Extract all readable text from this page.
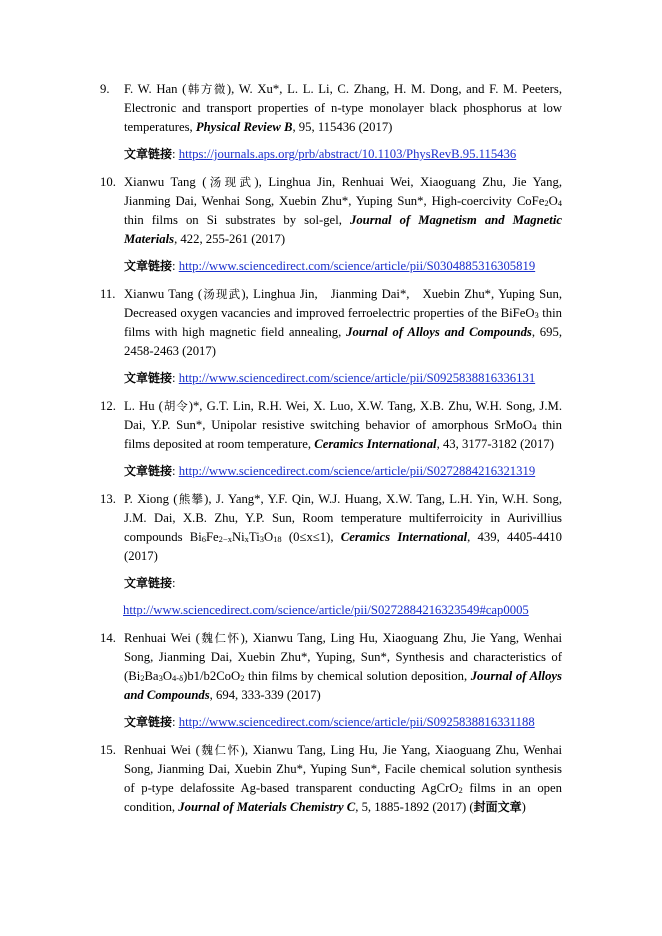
9. F. W. Han (韩方微), W. Xu*, L. L. Li, C. Zhang, H. M. Dong, and F. M. Peeters, Electronic and transport properties of n-type monolayer black phosphorus at low temperatures, Physical Review B, 95, 115436 (2017)

文章链接: https://journals.aps.org/prb/abstract/10.1103/PhysRevB.95.115436

10. Xianwu Tang (汤现武), Linghua Jin, Renhuai Wei, Xiaoguang Zhu, Jie Yang, Jianming Dai, Wenhai Song, Xuebin Zhu*, Yuping Sun*, High-coercivity $CoFe_2O_4$ thin films on Si substrates by sol-gel, Journal of Magnetism and Magnetic Materials, 422, 255-261 (2017)

文章链接: http://www.sciencedirect.com/science/article/pii/S0304885316305819

11. Xianwu Tang (汤现武), Linghua Jin,   Jianming Dai*,   Xuebin Zhu*, Yuping Sun, Decreased oxygen vacancies and improved ferroelectric properties of the BiFeO$_3$ thin films with high magnetic field annealing, Journal of Alloys and Compounds, 695, 2458-2463 (2017)

文章链接: http://www.sciencedirect.com/science/article/pii/S0925838816336131

12. L. Hu (胡令)*, G.T. Lin, R.H. Wei, X. Luo, X.W. Tang, X.B. Zhu, W.H. Song, J.M. Dai, Y.P. Sun*, Unipolar resistive switching behavior of amorphous SrMoO$_4$ thin films deposited at room temperature, Ceramics International, 43, 3177-3182 (2017)

文章链接: http://www.sciencedirect.com/science/article/pii/S0272884216321319

13. P. Xiong (熊攀), J. Yang*, Y.F. Qin, W.J. Huang, X.W. Tang, L.H. Yin, W.H. Song, J.M. Dai, X.B. Zhu, Y.P. Sun, Room temperature multiferroicity in Aurivillius compounds $Bi_6Fe_{2-x}Ni_xTi_3O_{18}$ (0≤x≤1), Ceramics International, 439, 4405-4410 (2017)

文章链接:

http://www.sciencedirect.com/science/article/pii/S0272884216323549#cap0005

14. Renhuai Wei (魏仁怀), Xianwu Tang, Ling Hu, Xiaoguang Zhu, Jie Yang, Wenhai Song, Jianming Dai, Xuebin Zhu*, Yuping, Sun*, Synthesis and characteristics of $(Bi_2Ba_3O_{4-\delta})b1/b2CoO_2$ thin films by chemical solution deposition, Journal of Alloys and Compounds, 694, 333-339 (2017)

文章链接: http://www.sciencedirect.com/science/article/pii/S0925838816331188

15. Renhuai Wei (魏仁怀), Xianwu Tang, Ling Hu, Jie Yang, Xiaoguang Zhu, Wenhai Song, Jianming Dai, Xuebin Zhu*, Yuping Sun*, Facile chemical solution synthesis of p-type delafossite Ag-based transparent conducting AgCrO$_2$ films in an open condition, Journal of Materials Chemistry C, 5, 1885-1892 (2017) (封面文章)
